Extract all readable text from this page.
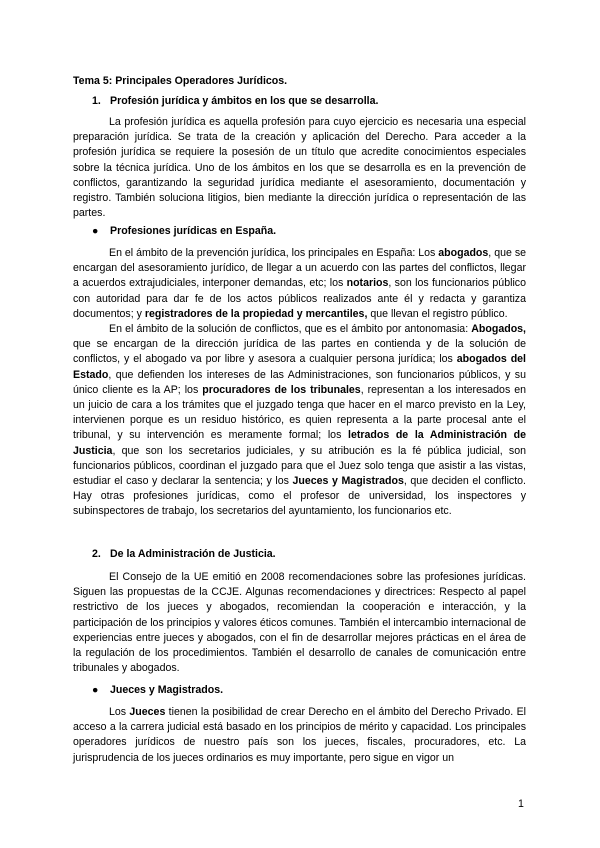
Tema 5: Principales Operadores Jurídicos.
1. Profesión jurídica y ámbitos en los que se desarrolla.

La profesión jurídica es aquella profesión para cuyo ejercicio es necesaria una especial preparación jurídica. Se trata de la creación y aplicación del Derecho. Para acceder a la profesión jurídica se requiere la posesión de un título que acredite conocimientos especiales sobre la técnica jurídica. Uno de los ámbitos en los que se desarrolla es en la prevención de conflictos, garantizando la seguridad jurídica mediante el asesoramiento, documentación y registro. También soluciona litigios, bien mediante la dirección jurídica o representación de las partes.

● Profesiones jurídicas en España.

En el ámbito de la prevención jurídica, los principales en España: Los abogados, que se encargan del asesoramiento jurídico, de llegar a un acuerdo con las partes del conflictos, llegar a acuerdos extrajudiciales, interponer demandas, etc; los notarios, son los funcionarios público con autoridad para dar fe de los actos públicos realizados ante él y redacta y garantiza documentos; y registradores de la propiedad y mercantiles, que llevan el registro público.

En el ámbito de la solución de conflictos, que es el ámbito por antonomasia: Abogados, que se encargan de la dirección jurídica de las partes en contienda y de la solución de conflictos, y el abogado va por libre y asesora a cualquier persona jurídica; los abogados del Estado, que defienden los intereses de las Administraciones, son funcionarios públicos, y su único cliente es la AP; los procuradores de los tribunales, representan a los interesados en un juicio de cara a los trámites que el juzgado tenga que hacer en el marco previsto en la Ley, intervienen porque es un residuo histórico, es quien representa a la parte procesal ante el tribunal, y su intervención es meramente formal; los letrados de la Administración de Justicia, que son los secretarios judiciales, y su atribución es la fé pública judicial, son funcionarios públicos, coordinan el juzgado para que el Juez solo tenga que asistir a las vistas, estudiar el caso y declarar la sentencia; y los Jueces y Magistrados, que deciden el conflicto. Hay otras profesiones jurídicas, como el profesor de universidad, los inspectores y subinspectores de trabajo, los secretarios del ayuntamiento, los funcionarios etc.

2. De la Administración de Justicia.

El Consejo de la UE emitió en 2008 recomendaciones sobre las profesiones jurídicas. Siguen las propuestas de la CCJE. Algunas recomendaciones y directrices: Respecto al papel restrictivo de los jueces y abogados, recomiendan la cooperación e interacción, y la participación de los principios y valores éticos comunes. También el intercambio internacional de experiencias entre jueces y abogados, con el fin de desarrollar mejores prácticas en el área de la regulación de los procedimientos. También el desarrollo de canales de comunicación entre tribunales y abogados.

● Jueces y Magistrados.

Los Jueces tienen la posibilidad de crear Derecho en el ámbito del Derecho Privado. El acceso a la carrera judicial está basado en los principios de mérito y capacidad. Los principales operadores jurídicos de nuestro país son los jueces, fiscales, procuradores, etc. La jurisprudencia de los jueces ordinarios es muy importante, pero sigue en vigor un

1
